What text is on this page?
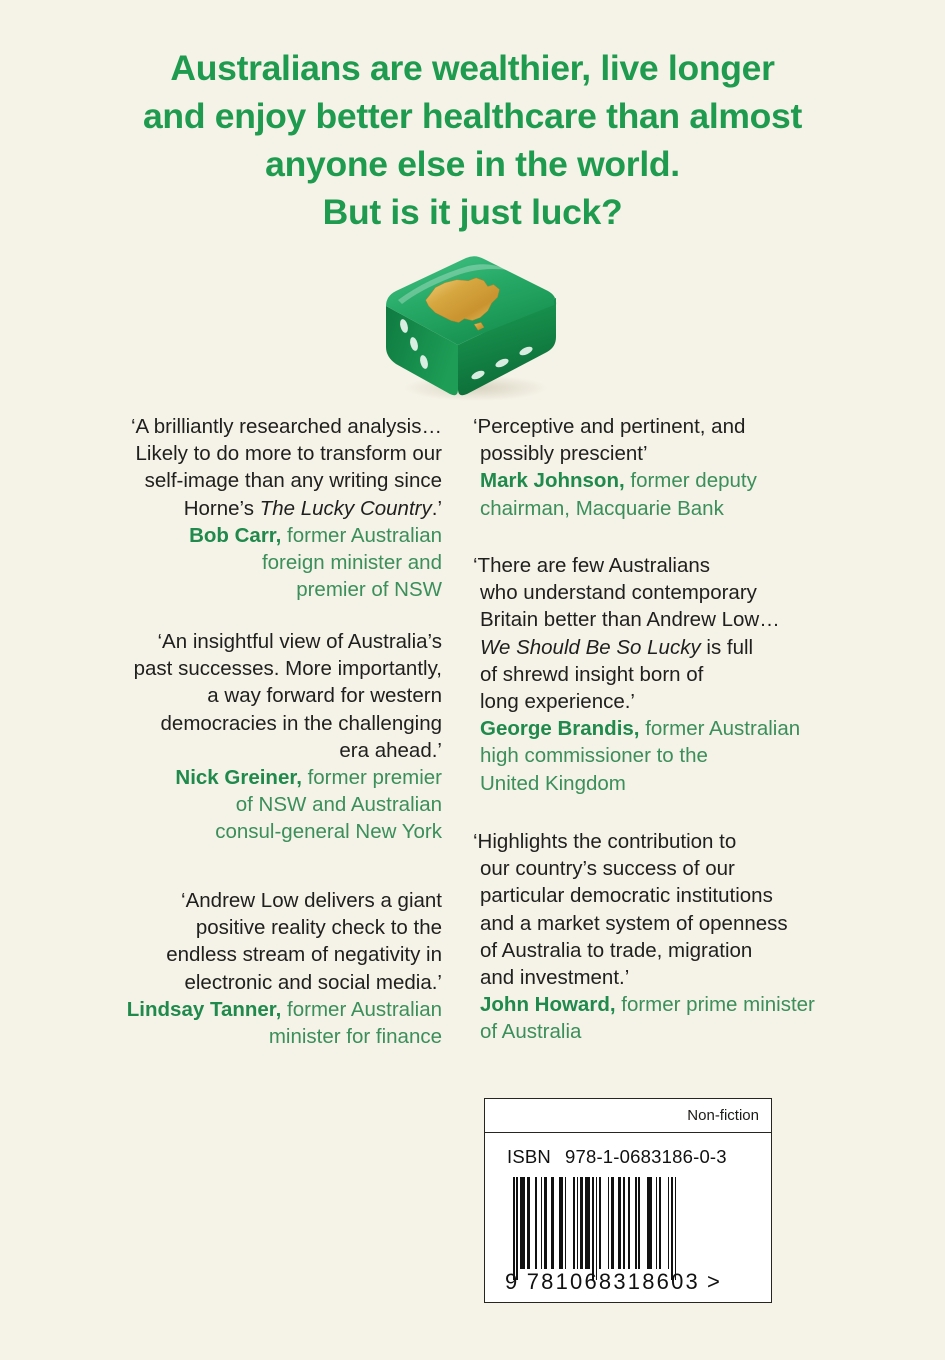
Australians are wealthier, live longer
and enjoy better healthcare than almost
anyone else in the world.
But is it just luck?
‘A brilliantly researched analysis…
Likely to do more to transform our
self-image than any writing since
Horne’s The Lucky Country.’
Bob Carr, former Australian
foreign minister and
premier of NSW
‘An insightful view of Australia’s
past successes. More importantly,
a way forward for western
democracies in the challenging
era ahead.’
Nick Greiner, former premier
of NSW and Australian
consul-general New York
‘Andrew Low delivers a giant
positive reality check to the
endless stream of negativity in
electronic and social media.’
Lindsay Tanner, former Australian
minister for finance
‘Perceptive and pertinent, and
possibly prescient’
Mark Johnson, former deputy
chairman, Macquarie Bank
‘There are few Australians
who understand contemporary
Britain better than Andrew Low…
We Should Be So Lucky is full
of shrewd insight born of
long experience.’
George Brandis, former Australian
high commissioner to the
United Kingdom
‘Highlights the contribution to
our country’s success of our
particular democratic institutions
and a market system of openness
of Australia to trade, migration
and investment.’
John Howard, former prime minister
of Australia
Non-fiction
ISBN 978-1-0683186-0-3
9 781068318603 >
